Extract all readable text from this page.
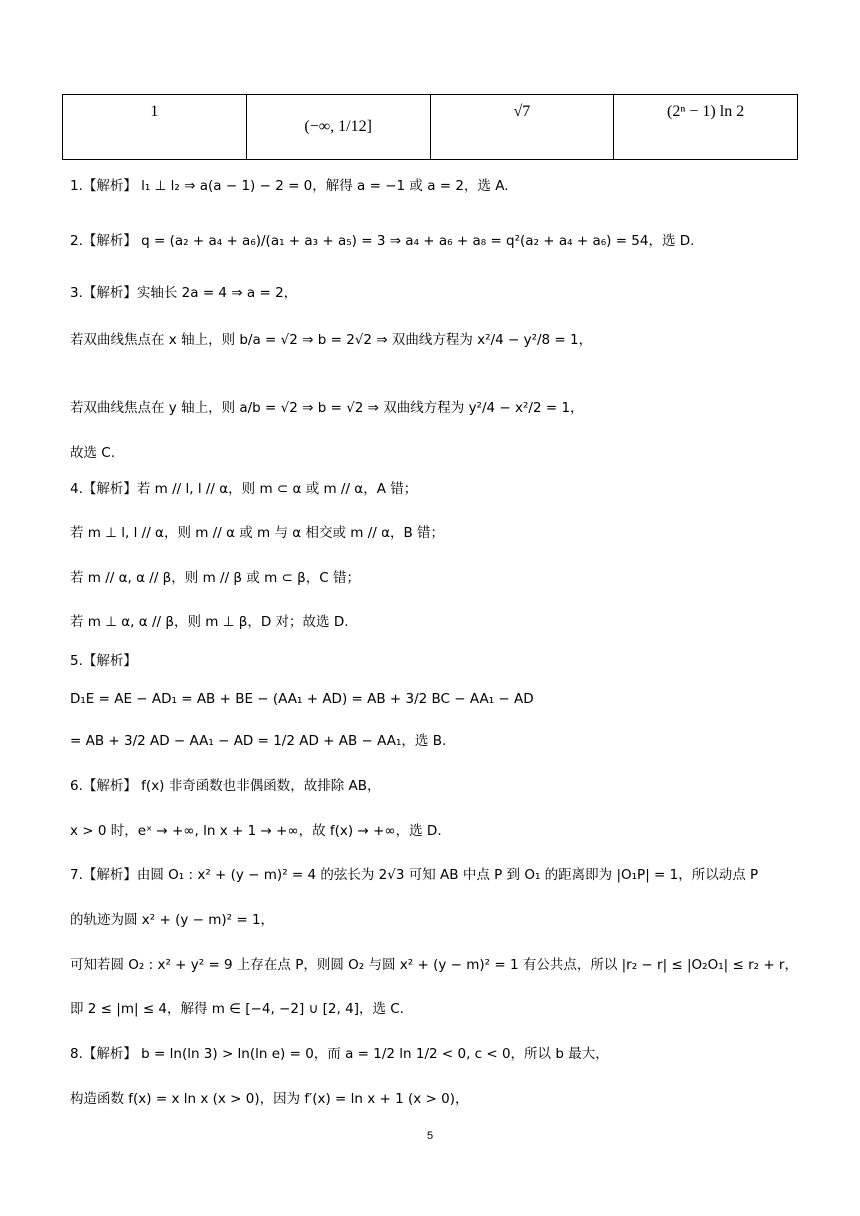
1	(−∞, 1/12]	√7	(2ⁿ − 1) ln 2
1.【解析】 l₁ ⊥ l₂ ⇒ a(a − 1) − 2 = 0，解得 a = −1 或 a = 2，选 A.
2.【解析】 q = (a₂ + a₄ + a₆)/(a₁ + a₃ + a₅) = 3 ⇒ a₄ + a₆ + a₈ = q²(a₂ + a₄ + a₆) = 54，选 D.
3.【解析】实轴长 2a = 4 ⇒ a = 2，
若双曲线焦点在 x 轴上，则 b/a = √2 ⇒ b = 2√2 ⇒ 双曲线方程为 x²/4 − y²/8 = 1，
若双曲线焦点在 y 轴上，则 a/b = √2 ⇒ b = √2 ⇒ 双曲线方程为 y²/4 − x²/2 = 1，
故选 C.
4.【解析】若 m // l, l // α，则 m ⊂ α 或 m // α，A 错；
若 m ⊥ l, l // α，则 m // α 或 m 与 α 相交或 m // α，B 错；
若 m // α, α // β，则 m // β 或 m ⊂ β，C 错；
若 m ⊥ α, α // β，则 m ⊥ β，D 对；故选 D.
5.【解析】
D₁E = AE − AD₁ = AB + BE − (AA₁ + AD) = AB + 3/2 BC − AA₁ − AD
= AB + 3/2 AD − AA₁ − AD = 1/2 AD + AB − AA₁，选 B.
6.【解析】 f(x) 非奇函数也非偶函数，故排除 AB，
x > 0 时，eˣ → +∞, ln x + 1 → +∞，故 f(x) → +∞，选 D.
7.【解析】由圆 O₁ : x² + (y − m)² = 4 的弦长为 2√3 可知 AB 中点 P 到 O₁ 的距离即为 |O₁P| = 1，所以动点 P
的轨迹为圆 x² + (y − m)² = 1，
可知若圆 O₂ : x² + y² = 9 上存在点 P，则圆 O₂ 与圆 x² + (y − m)² = 1 有公共点，所以 |r₂ − r| ≤ |O₂O₁| ≤ r₂ + r，
即 2 ≤ |m| ≤ 4，解得 m ∈ [−4, −2] ∪ [2, 4]，选 C.
8.【解析】 b = ln(ln 3) > ln(ln e) = 0，而 a = 1/2 ln 1/2 < 0, c < 0，所以 b 最大，
构造函数 f(x) = x ln x (x > 0)，因为 f′(x) = ln x + 1 (x > 0)，
5
